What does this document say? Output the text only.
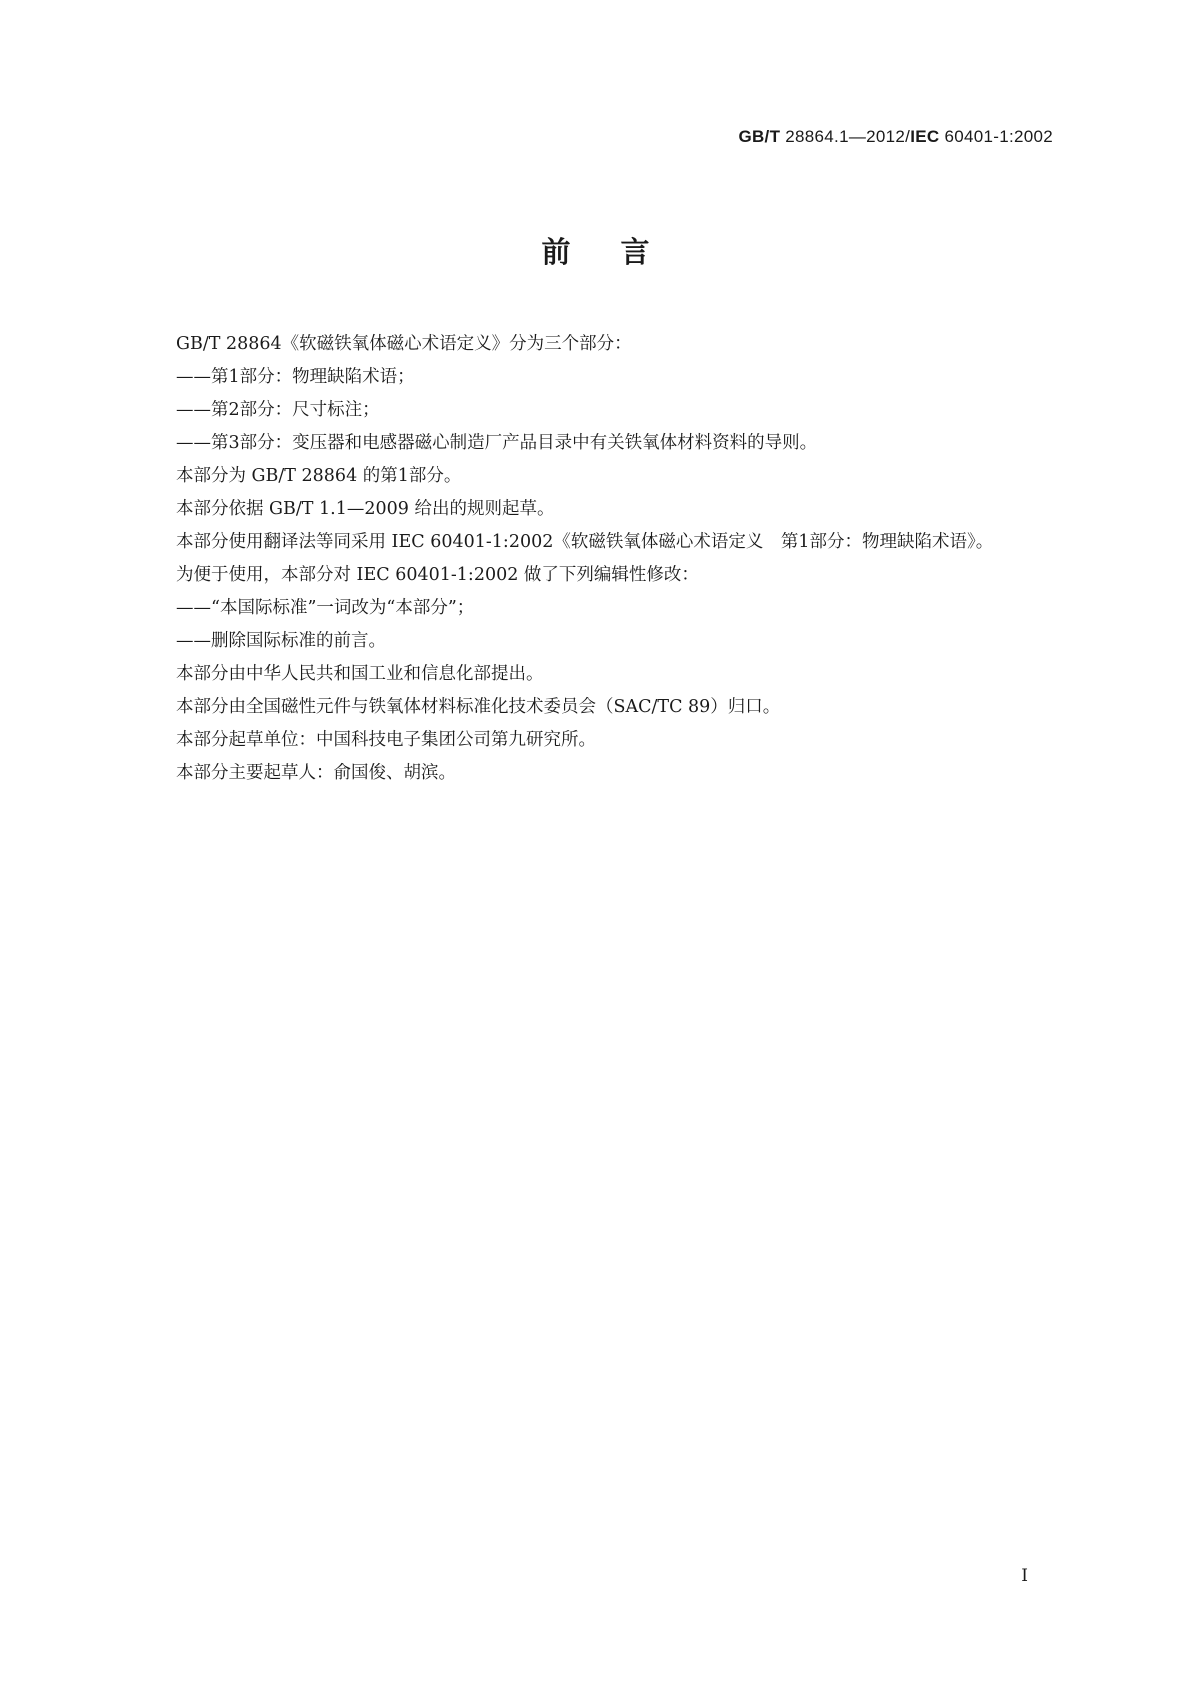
GB/T 28864.1—2012/IEC 60401-1:2002
前言

GB/T 28864《软磁铁氧体磁心术语定义》分为三个部分：

——第1部分：物理缺陷术语；

——第2部分：尺寸标注；

——第3部分：变压器和电感器磁心制造厂产品目录中有关铁氧体材料资料的导则。

本部分为 GB/T 28864 的第1部分。

本部分依据 GB/T 1.1—2009 给出的规则起草。

本部分使用翻译法等同采用 IEC 60401-1:2002《软磁铁氧体磁心术语定义　第1部分：物理缺陷术语》。

为便于使用，本部分对 IEC 60401-1:2002 做了下列编辑性修改：

——“本国际标准”一词改为“本部分”；

——删除国际标准的前言。

本部分由中华人民共和国工业和信息化部提出。

本部分由全国磁性元件与铁氧体材料标准化技术委员会（SAC/TC 89）归口。

本部分起草单位：中国科技电子集团公司第九研究所。

本部分主要起草人：俞国俊、胡滨。

I
